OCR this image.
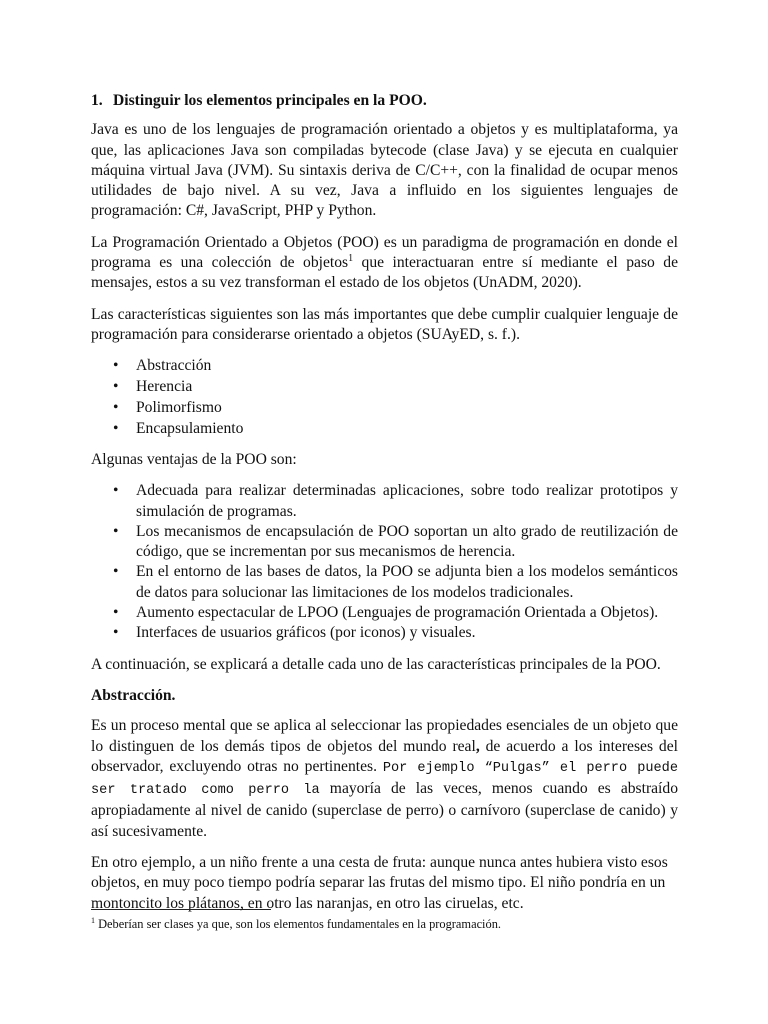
1. Distinguir los elementos principales en la POO.

Java es uno de los lenguajes de programación orientado a objetos y es multiplataforma, ya que, las aplicaciones Java son compiladas bytecode (clase Java) y se ejecuta en cualquier máquina virtual Java (JVM). Su sintaxis deriva de C/C++, con la finalidad de ocupar menos utilidades de bajo nivel. A su vez, Java a influido en los siguientes lenguajes de programación: C#, JavaScript, PHP y Python.

La Programación Orientado a Objetos (POO) es un paradigma de programación en donde el programa es una colección de objetos$^1$ que interactuaran entre sí mediante el paso de mensajes, estos a su vez transforman el estado de los objetos (UnADM, 2020).

Las características siguientes son las más importantes que debe cumplir cualquier lenguaje de programación para considerarse orientado a objetos (SUAyED, s. f.).

• Abstracción
• Herencia
• Polimorfismo
• Encapsulamiento

Algunas ventajas de la POO son:

• Adecuada para realizar determinadas aplicaciones, sobre todo realizar prototipos y simulación de programas.
• Los mecanismos de encapsulación de POO soportan un alto grado de reutilización de código, que se incrementan por sus mecanismos de herencia.
• En el entorno de las bases de datos, la POO se adjunta bien a los modelos semánticos de datos para solucionar las limitaciones de los modelos tradicionales.
• Aumento espectacular de LPOO (Lenguajes de programación Orientada a Objetos).
• Interfaces de usuarios gráficos (por iconos) y visuales.

A continuación, se explicará a detalle cada uno de las características principales de la POO.

Abstracción.

Es un proceso mental que se aplica al seleccionar las propiedades esenciales de un objeto que lo distinguen de los demás tipos de objetos del mundo real, de acuerdo a los intereses del observador, excluyendo otras no pertinentes. Por ejemplo “Pulgas” el perro puede ser tratado como perro la mayoría de las veces, menos cuando es abstraído apropiadamente al nivel de canido (superclase de perro) o carnívoro (superclase de canido) y así sucesivamente.

En otro ejemplo, a un niño frente a una cesta de fruta: aunque nunca antes hubiera visto esos objetos, en muy poco tiempo podría separar las frutas del mismo tipo. El niño pondría en un montoncito los plátanos, en otro las naranjas, en otro las ciruelas, etc.

$^1$ Deberían ser clases ya que, son los elementos fundamentales en la programación.
